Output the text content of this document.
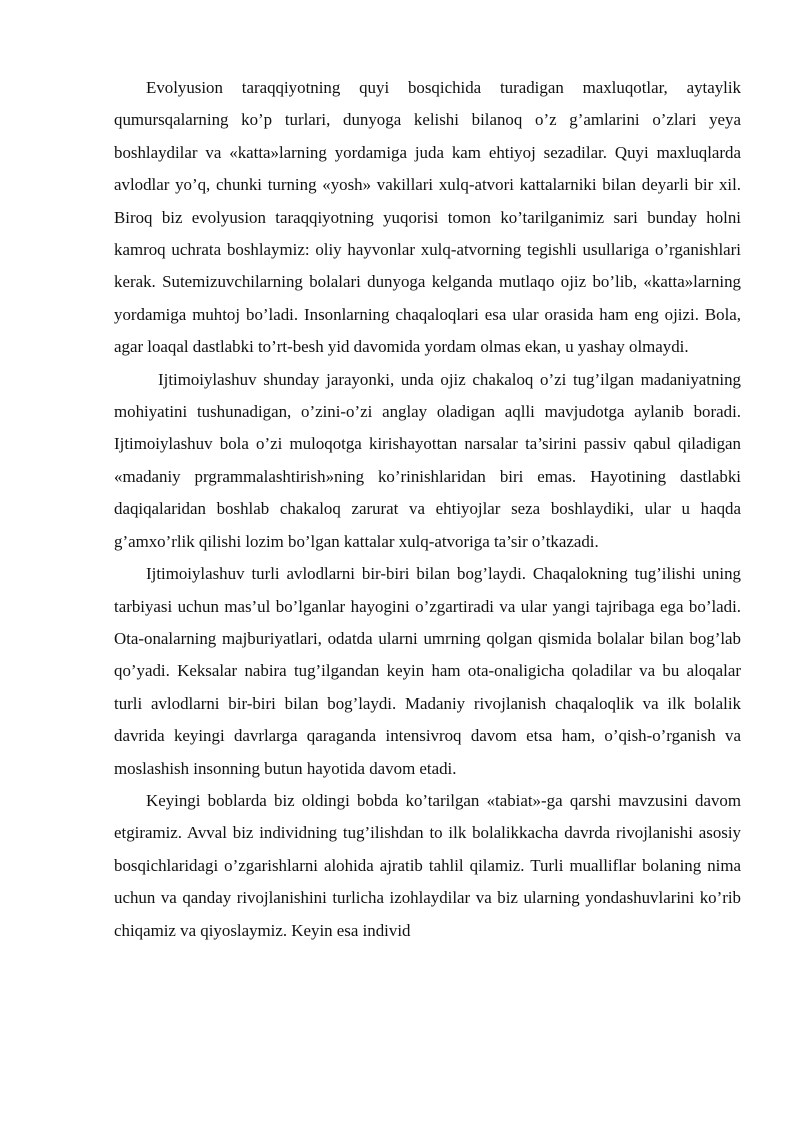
Evolyusion taraqqiyotning quyi bosqichida turadigan maxluqotlar, aytaylik qumursqalarning ko’p turlari, dunyoga kelishi bilanoq o’z g’amlarini o’zlari yeya boshlaydilar va «katta»larning yordamiga juda kam ehtiyoj sezadilar. Quyi maxluqlarda avlodlar yo’q, chunki turning «yosh» vakillari xulq-atvori kattalarniki bilan deyarli bir xil. Biroq biz evolyusion taraqqiyotning yuqorisi tomon ko’tarilganimiz sari bunday holni kamroq uchrata boshlaymiz: oliy hayvonlar xulq-atvorning tegishli usullariga o’rganishlari kerak. Sutemizuvchilarning bolalari dunyoga kelganda mutlaqo ojiz bo’lib, «katta»larning yordamiga muhtoj bo’ladi. Insonlarning chaqaloqlari esa ular orasida ham eng ojizi. Bola, agar loaqal dastlabki to’rt-besh yid davomida yordam olmas ekan, u yashay olmaydi.

Ijtimoiylashuv shunday jarayonki, unda ojiz chakaloq o’zi tug’ilgan madaniyatning mohiyatini tushunadigan, o’zini-o’zi anglay oladigan aqlli mavjudotga aylanib boradi. Ijtimoiylashuv bola o’zi muloqotga kirishayottan narsalar ta’sirini passiv qabul qiladigan «madaniy prgrammalashtirish»ning ko’rinishlaridan biri emas. Hayotining dastlabki daqiqalaridan boshlab chakaloq zarurat va ehtiyojlar seza boshlaydiki, ular u haqda g’amxo’rlik qilishi lozim bo’lgan kattalar xulq-atvoriga ta’sir o’tkazadi.

Ijtimoiylashuv turli avlodlarni bir-biri bilan bog’laydi. Chaqalokning tug’ilishi uning tarbiyasi uchun mas’ul bo’lganlar hayogini o’zgartiradi va ular yangi tajribaga ega bo’ladi. Ota-onalarning majburiyatlari, odatda ularni umrning qolgan qismida bolalar bilan bog’lab qo’yadi. Keksalar nabira tug’ilgandan keyin ham ota-onaligicha qoladilar va bu aloqalar turli avlodlarni bir-biri bilan bog’laydi. Madaniy rivojlanish chaqaloqlik va ilk bolalik davrida keyingi davrlarga qaraganda intensivroq davom etsa ham, o’qish-o’rganish va moslashish insonning butun hayotida davom etadi.

Keyingi boblarda biz oldingi bobda ko’tarilgan «tabiat»-ga qarshi mavzusini davom etgiramiz. Avval biz individning tug’ilishdan to ilk bolalikkacha davrda rivojlanishi asosiy bosqichlaridagi o’zgarishlarni alohida ajratib tahlil qilamiz. Turli mualliflar bolaning nima uchun va qanday rivojlanishini turlicha izohlaydilar va biz ularning yondashuvlarini ko’rib chiqamiz va qiyoslaymiz. Keyin esa individ
